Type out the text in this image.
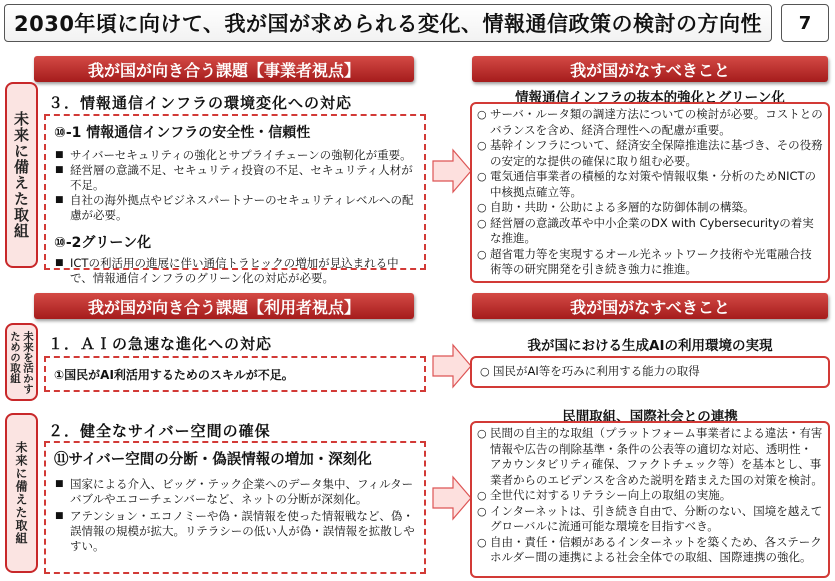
2030年頃に向けて、我が国が求められる変化、情報通信政策の検討の方向性	7
我が国が向き合う課題【事業者視点】	我が国がなすべきこと
未来に備えた取組
３．情報通信インフラの環境変化への対応
⑩-1 情報通信インフラの安全性・信頼性
■ サイバーセキュリティの強化とサプライチェーンの強靭化が重要。
■ 経営層の意識不足、セキュリティ投資の不足、セキュリティ人材が不足。
■ 自社の海外拠点やビジネスパートナーのセキュリティレベルへの配慮が必要。
⑩-2グリーン化
■ ICTの利活用の進展に伴い通信トラヒックの増加が見込まれる中で、情報通信インフラのグリーン化の対応が必要。
情報通信インフラの抜本的強化とグリーン化
○ サーバ・ルータ類の調達方法についての検討が必要。コストとのバランスを含め、経済合理性への配慮が重要。
○ 基幹インフラについて、経済安全保障推進法に基づき、その役務の安定的な提供の確保に取り組む必要。
○ 電気通信事業者の積極的な対策や情報収集・分析のためNICTの中核拠点確立等。
○ 自助・共助・公助による多層的な防御体制の構築。
○ 経営層の意識改革や中小企業のDX with Cybersecurityの着実な推進。
○ 超省電力等を実現するオール光ネットワーク技術や光電融合技術等の研究開発を引き続き強力に推進。
我が国が向き合う課題【利用者視点】	我が国がなすべきこと
未来を活かす
ための取組 １．ＡＩの急速な進化への対応
①国民がAI利活用するためのスキルが不足。
我が国における生成AIの利用環境の実現
○ 国民がAI等を巧みに利用する能力の取得
未来に備えた取組
２．健全なサイバー空間の確保
⑪サイバー空間の分断・偽誤情報の増加・深刻化
■ 国家による介入、ビッグ・テック企業へのデータ集中、フィルターバブルやエコーチェンバーなど、ネットの分断が深刻化。
■ アテンション・エコノミーや偽・誤情報を使った情報戦など、偽・誤情報の規模が拡大。リテラシーの低い人が偽・誤情報を拡散しやすい。
民間取組、国際社会との連携
○ 民間の自主的な取組（プラットフォーム事業者による違法・有害情報や広告の削除基準・条件の公表等の適切な対応、透明性・アカウンタビリティ確保、ファクトチェック等）を基本とし、事業者からのエビデンスを含めた説明を踏まえた国の対策を検討。
○ 全世代に対するリテラシー向上の取組の実施。
○ インターネットは、引き続き自由で、分断のない、国境を越えてグローバルに流通可能な環境を目指すべき。
○ 自由・責任・信頼があるインターネットを築くため、各ステークホルダー間の連携による社会全体での取組、国際連携の強化。
